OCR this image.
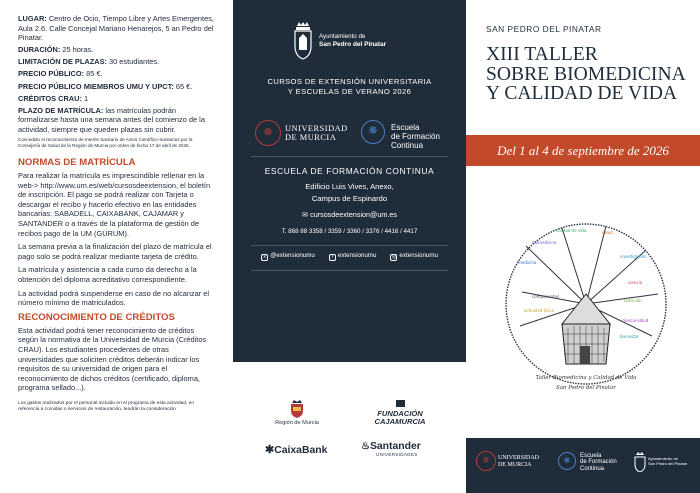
LUGAR: Centro de Ocio, Tiempo Libre y Artes Emergentes, Aula 2.6. Calle Concejal Mariano Henarejos, 5 an Pedro del Pinatar.
DURACIÓN: 25 horas.
LIMITACIÓN DE PLAZAS: 30 estudiantes.
PRECIO PÚBLICO: 85 €.
PRECIO PÚBLICO MIEMBROS UMU Y UPCT: 65 €.
CRÉDITOS CRAU: 1
PLAZO DE MATRÍCULA: las matrículas podrán formalizarse hasta una semana antes del comienzo de la actividad, siempre que queden plazas sin cubrir.
Concedido el reconocimiento de Interés Sanitario de Actos Científico-Sanitarios por la Consejería de Salud de la Región de Murcia por orden de fecha 17 de abril de 2026.
NORMAS DE MATRÍCULA

Para realizar la matrícula es imprescindible rellenar en la web-> http://www.um.es/web/cursosdeextension, el boletín de inscripción. El pago se podrá realizar con Tarjeta o descargar el recibo y hacerlo efectivo en las entidades bancarias: SABADELL, CAIXABANK, CAJAMAR y SANTANDER o a través de la plataforma de gestión de recibos pago de la UM (GURUM).

La semana previa a la finalización del plazo de matrícula el pago solo se podrá realizar mediante tarjeta de crédito.

La matrícula y asistencia a cada curso da derecho a la obtención del diploma acreditativo correspondiente.

La actividad podrá suspenderse en caso de no alcanzar el número mínimo de matriculados.

RECONOCIMIENTO DE CRÉDITOS

Esta actividad podrá tener reconocimiento de créditos según la normativa de la Universidad de Murcia (Créditos CRAU). Los estudiantes procedentes de otras universidades que soliciten créditos deberán indicar los requisitos de su universidad de origen para el reconocimiento de dichos créditos (certificado, diploma, programa sellado...).

Los gastos realizados por el personal incluido en el programa de esta actividad, en referencia a comidas o servicios de restauración, tendrán la consideración
Ayuntamiento de
San Pedro del Pinatar
CURSOS DE EXTENSIÓN UNIVERSITARIA
Y ESCUELAS DE VERANO 2026
✵	UNIVERSIDAD
DE MURCIA
❋	Escuela
de Formación
Continua
ESCUELA DE FORMACIÓN CONTINUA
Edificio Luis Vives, Anexo,
Campus de Espinardo
✉ cursosdeextension@um.es
T. 868 88 3358 / 3359 / 3360 / 3376 / 4416 / 4417
x @extensionumu	f extensionumu	◎ extensionumu
Patrocinan
Región de Murcia
FUNDACIÓN
CAJAMURCIA
✱CaixaBank	♨Santander
UNIVERSIDADES
SAN PEDRO DEL PINATAR
XIII TALLER
SOBRE BIOMEDICINA
Y CALIDAD DE VIDA
Del 1 al 4 de septiembre de 2026
biomedicina
calidad de vida	salud
investigación
ciencia
nutrición
componentes
medicina
ciencia-salud
actividad física
bienestar
Taller Biomedicina y Calidad de Vida
San Pedro del Pinatar
✵	UNIVERSIDAD
DE MURCIA	❋	Escuela
de Formación
Continua
Ayuntamiento de
San Pedro del Pinatar
